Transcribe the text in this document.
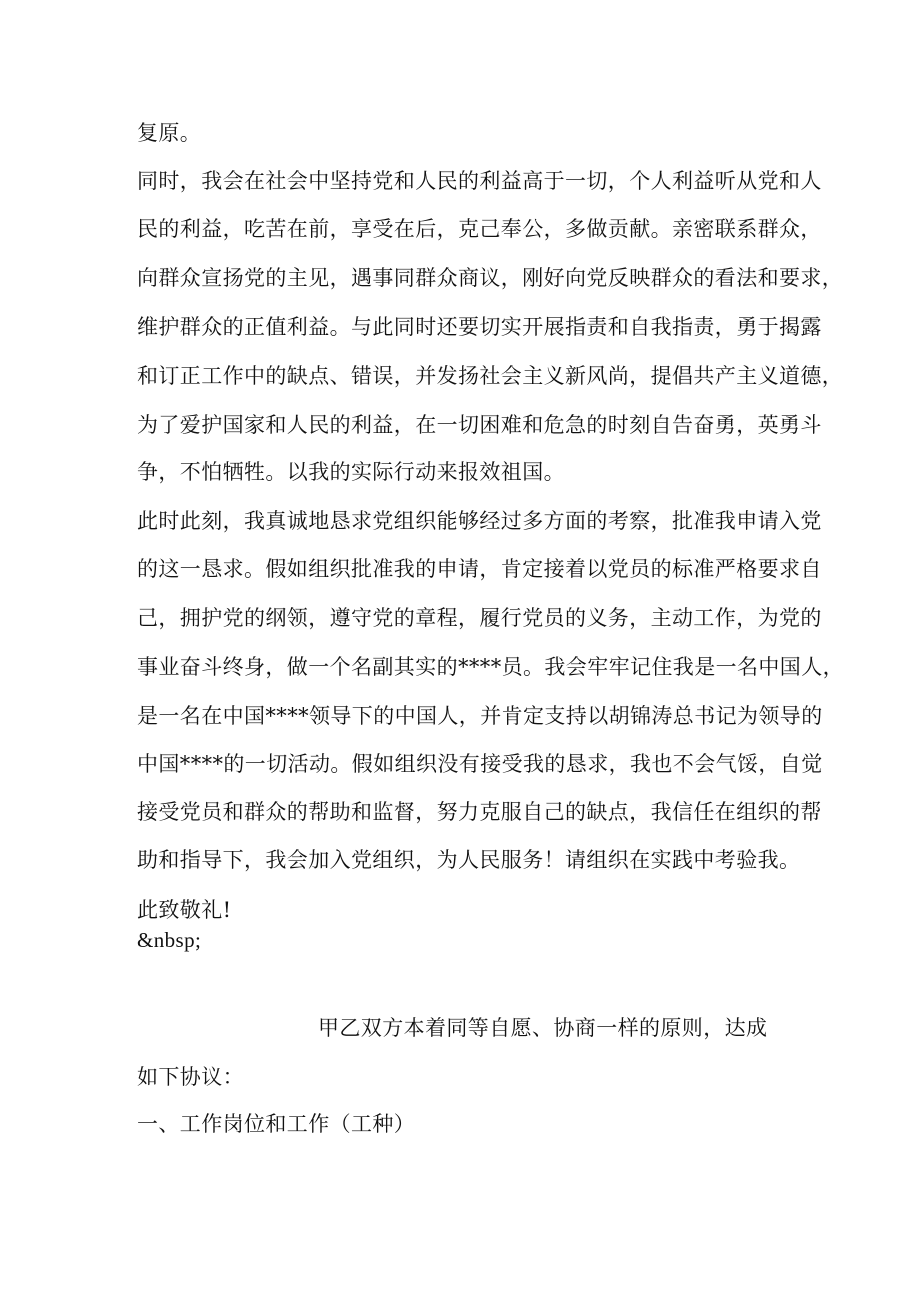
复原。
同时，我会在社会中坚持党和人民的利益高于一切，个人利益听从党和人
民的利益，吃苦在前，享受在后，克己奉公，多做贡献。亲密联系群众，
向群众宣扬党的主见，遇事同群众商议，刚好向党反映群众的看法和要求，
维护群众的正值利益。与此同时还要切实开展指责和自我指责，勇于揭露
和订正工作中的缺点、错误，并发扬社会主义新风尚，提倡共产主义道德，
为了爱护国家和人民的利益，在一切困难和危急的时刻自告奋勇，英勇斗
争，不怕牺牲。以我的实际行动来报效祖国。
此时此刻，我真诚地恳求党组织能够经过多方面的考察，批准我申请入党
的这一恳求。假如组织批准我的申请，肯定接着以党员的标准严格要求自
己，拥护党的纲领，遵守党的章程，履行党员的义务，主动工作，为党的
事业奋斗终身，做一个名副其实的****员。我会牢牢记住我是一名中国人，
是一名在中国****领导下的中国人，并肯定支持以胡锦涛总书记为领导的
中国****的一切活动。假如组织没有接受我的恳求，我也不会气馁，自觉
接受党员和群众的帮助和监督，努力克服自己的缺点，我信任在组织的帮
助和指导下，我会加入党组织，为人民服务！请组织在实践中考验我。
此致敬礼!
&nbsp;
甲乙双方本着同等自愿、协商一样的原则，达成
如下协议：
一、工作岗位和工作（工种）
